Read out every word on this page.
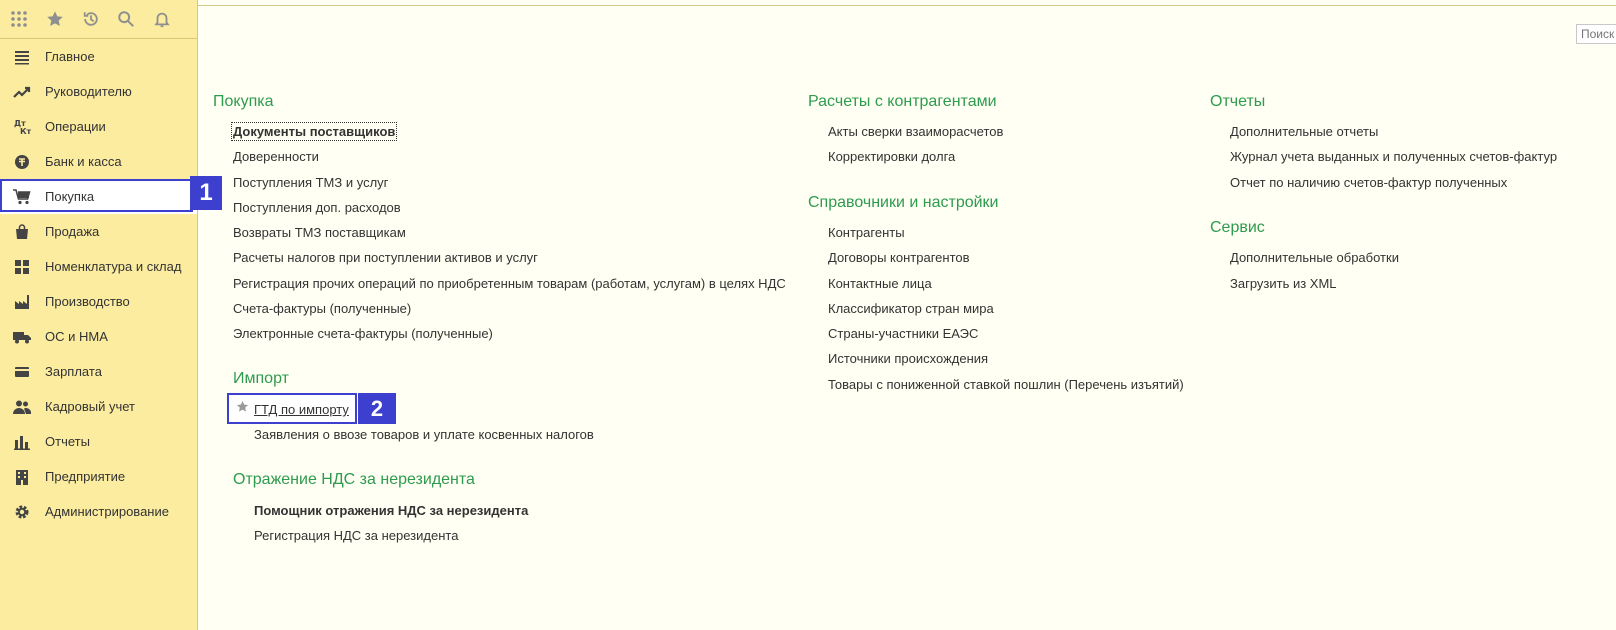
Главное
Руководителю
Дт
Кт Операции
Банк и касса
Покупка
Продажа
Номенклатура и склад
Производство
ОС и НМА
Зарплата
Кадровый учет
Отчеты
Предприятие
Администрирование
1
Поиск
Покупка
Документы поставщиков
Доверенности
Поступления ТМЗ и услуг
Поступления доп. расходов
Возвраты ТМЗ поставщикам
Расчеты налогов при поступлении активов и услуг
Регистрация прочих операций по приобретенным товарам (работам, услугам) в целях НДС
Счета-фактуры (полученные)
Электронные счета-фактуры (полученные)
Импорт
ГТД по импорту	2
Заявления о ввозе товаров и уплате косвенных налогов
Отражение НДС за нерезидента
Помощник отражения НДС за нерезидента
Регистрация НДС за нерезидента
Расчеты с контрагентами
Акты сверки взаиморасчетов
Корректировки долга
Справочники и настройки
Контрагенты
Договоры контрагентов
Контактные лица
Классификатор стран мира
Страны-участники ЕАЭС
Источники происхождения
Товары с пониженной ставкой пошлин (Перечень изъятий)
Отчеты
Дополнительные отчеты
Журнал учета выданных и полученных счетов-фактур
Отчет по наличию счетов-фактур полученных
Сервис
Дополнительные обработки
Загрузить из XML
